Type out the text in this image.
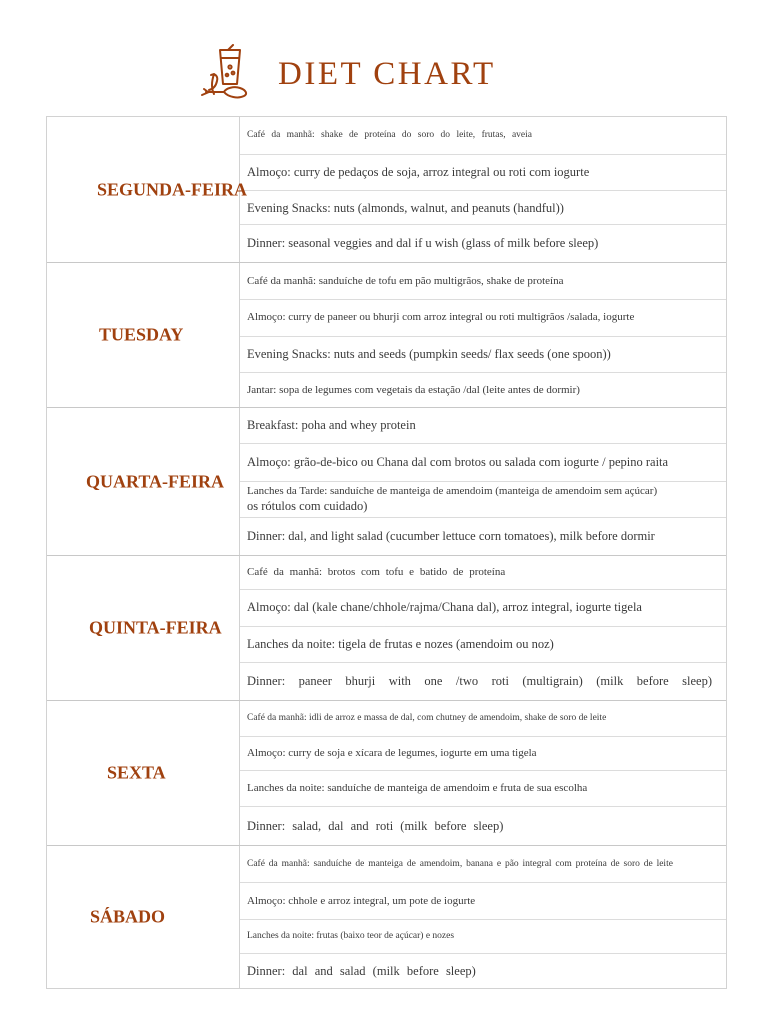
DIET CHART
SEGUNDA-FEIRA
Café da manhã: shake de proteína do soro do leite, frutas, aveia
Almoço: curry de pedaços de soja, arroz integral ou roti com iogurte
Evening Snacks: nuts (almonds, walnut, and peanuts (handful))
Dinner: seasonal veggies and dal if u wish (glass of milk before sleep)
TUESDAY
Café da manhã: sanduíche de tofu em pão multigrãos, shake de proteína
Almoço: curry de paneer ou bhurji com arroz integral ou roti multigrãos /salada, iogurte
Evening Snacks: nuts and seeds (pumpkin seeds/ flax seeds (one spoon))
Jantar: sopa de legumes com vegetais da estação /dal (leite antes de dormir)
QUARTA-FEIRA
Breakfast: poha and whey protein
Almoço: grão-de-bico ou Chana dal com brotos ou salada com iogurte / pepino raita
Lanches da Tarde: sanduíche de manteiga de amendoim (manteiga de amendoim sem açúcar)
os rótulos com cuidado)
Dinner: dal, and light salad (cucumber lettuce corn tomatoes), milk before dormir
QUINTA-FEIRA
Café da manhã: brotos com tofu e batido de proteína
Almoço: dal (kale chane/chhole/rajma/Chana dal), arroz integral, iogurte tigela
Lanches da noite: tigela de frutas e nozes (amendoim ou noz)
Dinner: paneer bhurji with one /two roti (multigrain) (milk before sleep)
SEXTA
Café da manhã: idli de arroz e massa de dal, com chutney de amendoim, shake de soro de leite
Almoço: curry de soja e xícara de legumes, iogurte em uma tigela
Lanches da noite: sanduíche de manteiga de amendoim e fruta de sua escolha
Dinner: salad, dal and roti (milk before sleep)
SÁBADO
Café da manhã: sanduíche de manteiga de amendoim, banana e pão integral com proteína de soro de leite
Almoço: chhole e arroz integral, um pote de iogurte
Lanches da noite: frutas (baixo teor de açúcar) e nozes
Dinner: dal and salad (milk before sleep)
